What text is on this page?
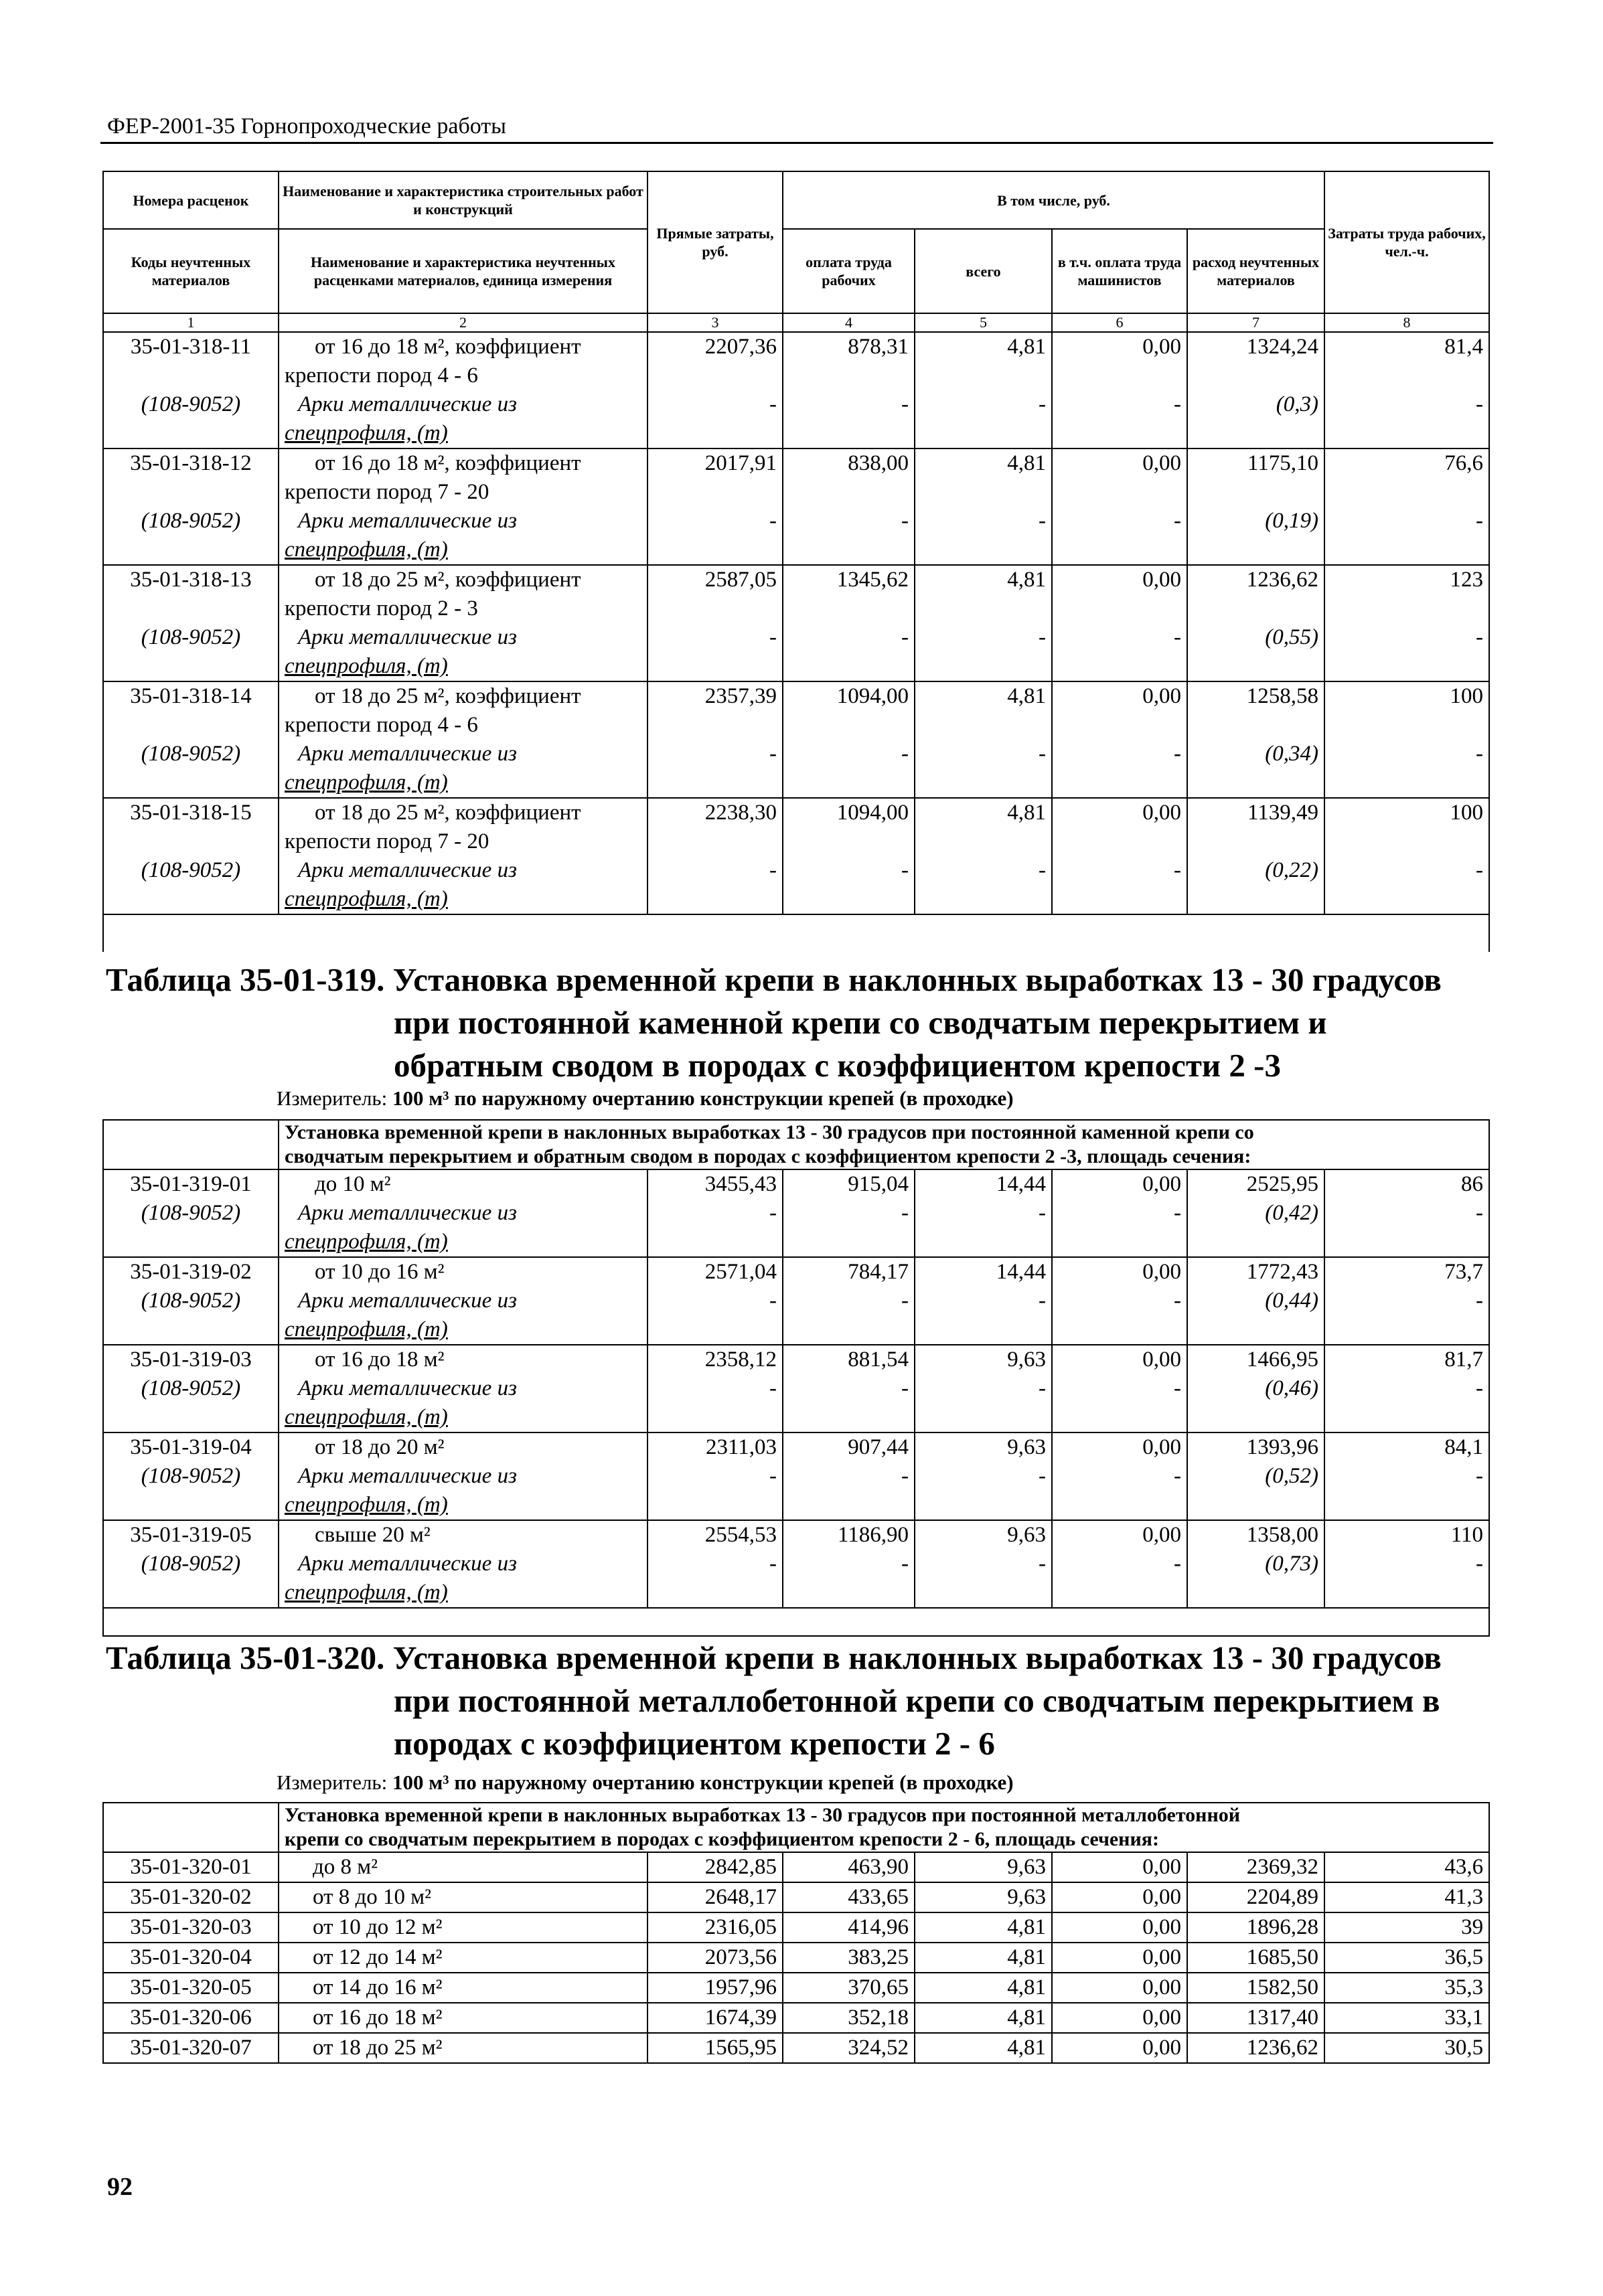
ФЕР-2001-35 Горнопроходческие работы
Номера расценок	Наименование и характеристика строительных работ и конструкций	Прямые затраты, руб.	В том числе, руб.				Затраты труда рабочих, чел.-ч.
Коды неучтенных материалов	Наименование и характеристика неучтенных расценками материалов, единица измерения		оплата труда рабочих	всего	в т.ч. оплата труда машинистов	расход неучтенных материалов	
1	2	3	4	5	6	7	8
35-01-318-11	от 16 до 18 м², коэффициент
крепости пород 4 - 6	2207,36	878,31	4,81	0,00	1324,24	81,4
(108-9052)	Арки металлические из
спецпрофиля, (т)	-	-	-	-	(0,3)	-
35-01-318-12	от 16 до 18 м², коэффициент
крепости пород 7 - 20	2017,91	838,00	4,81	0,00	1175,10	76,6
(108-9052)	Арки металлические из
спецпрофиля, (т)	-	-	-	-	(0,19)	-
35-01-318-13	от 18 до 25 м², коэффициент
крепости пород 2 - 3	2587,05	1345,62	4,81	0,00	1236,62	123
(108-9052)	Арки металлические из
спецпрофиля, (т)	-	-	-	-	(0,55)	-
35-01-318-14	от 18 до 25 м², коэффициент
крепости пород 4 - 6	2357,39	1094,00	4,81	0,00	1258,58	100
(108-9052)	Арки металлические из
спецпрофиля, (т)	-	-	-	-	(0,34)	-
35-01-318-15	от 18 до 25 м², коэффициент
крепости пород 7 - 20	2238,30	1094,00	4,81	0,00	1139,49	100
(108-9052)	Арки металлические из
спецпрофиля, (т)	-	-	-	-	(0,22)	-

Таблица 35-01-319. Установка временной крепи в наклонных выработках 13 - 30 градусов
при постоянной каменной крепи со сводчатым перекрытием и
обратным сводом в породах с коэффициентом крепости 2 -3
Измеритель: 100 м³ по наружному очертанию конструкции крепей (в проходке)

	Установка временной крепи в наклонных выработках 13 - 30 градусов при постоянной каменной крепи со
сводчатым перекрытием и обратным сводом в породах с коэффициентом крепости 2 -3, площадь сечения:						

35-01-319-01	до 10 м²	3455,43	915,04	14,44	0,00	2525,95	86
(108-9052)	Арки металлические из
спецпрофиля, (т)	-	-	-	-	(0,42)	-
35-01-319-02	от 10 до 16 м²	2571,04	784,17	14,44	0,00	1772,43	73,7
(108-9052)	Арки металлические из
спецпрофиля, (т)	-	-	-	-	(0,44)	-
35-01-319-03	от 16 до 18 м²	2358,12	881,54	9,63	0,00	1466,95	81,7
(108-9052)	Арки металлические из
спецпрофиля, (т)	-	-	-	-	(0,46)	-
35-01-319-04	от 18 до 20 м²	2311,03	907,44	9,63	0,00	1393,96	84,1
(108-9052)	Арки металлические из
спецпрофиля, (т)	-	-	-	-	(0,52)	-
35-01-319-05	свыше 20 м²	2554,53	1186,90	9,63	0,00	1358,00	110
(108-9052)	Арки металлические из
спецпрофиля, (т)	-	-	-	-	(0,73)	-

Таблица 35-01-320. Установка временной крепи в наклонных выработках 13 - 30 градусов
при постоянной металлобетонной крепи со сводчатым перекрытием в
породах с коэффициентом крепости 2 - 6
Измеритель: 100 м³ по наружному очертанию конструкции крепей (в проходке)

	Установка временной крепи в наклонных выработках 13 - 30 градусов при постоянной металлобетонной
крепи со сводчатым перекрытием в породах с коэффициентом крепости 2 - 6, площадь сечения:						

35-01-320-01	до 8 м²	2842,85	463,90	9,63	0,00	2369,32	43,6
35-01-320-02	от 8 до 10 м²	2648,17	433,65	9,63	0,00	2204,89	41,3
35-01-320-03	от 10 до 12 м²	2316,05	414,96	4,81	0,00	1896,28	39
35-01-320-04	от 12 до 14 м²	2073,56	383,25	4,81	0,00	1685,50	36,5
35-01-320-05	от 14 до 16 м²	1957,96	370,65	4,81	0,00	1582,50	35,3
35-01-320-06	от 16 до 18 м²	1674,39	352,18	4,81	0,00	1317,40	33,1
35-01-320-07	от 18 до 25 м²	1565,95	324,52	4,81	0,00	1236,62	30,5
92
